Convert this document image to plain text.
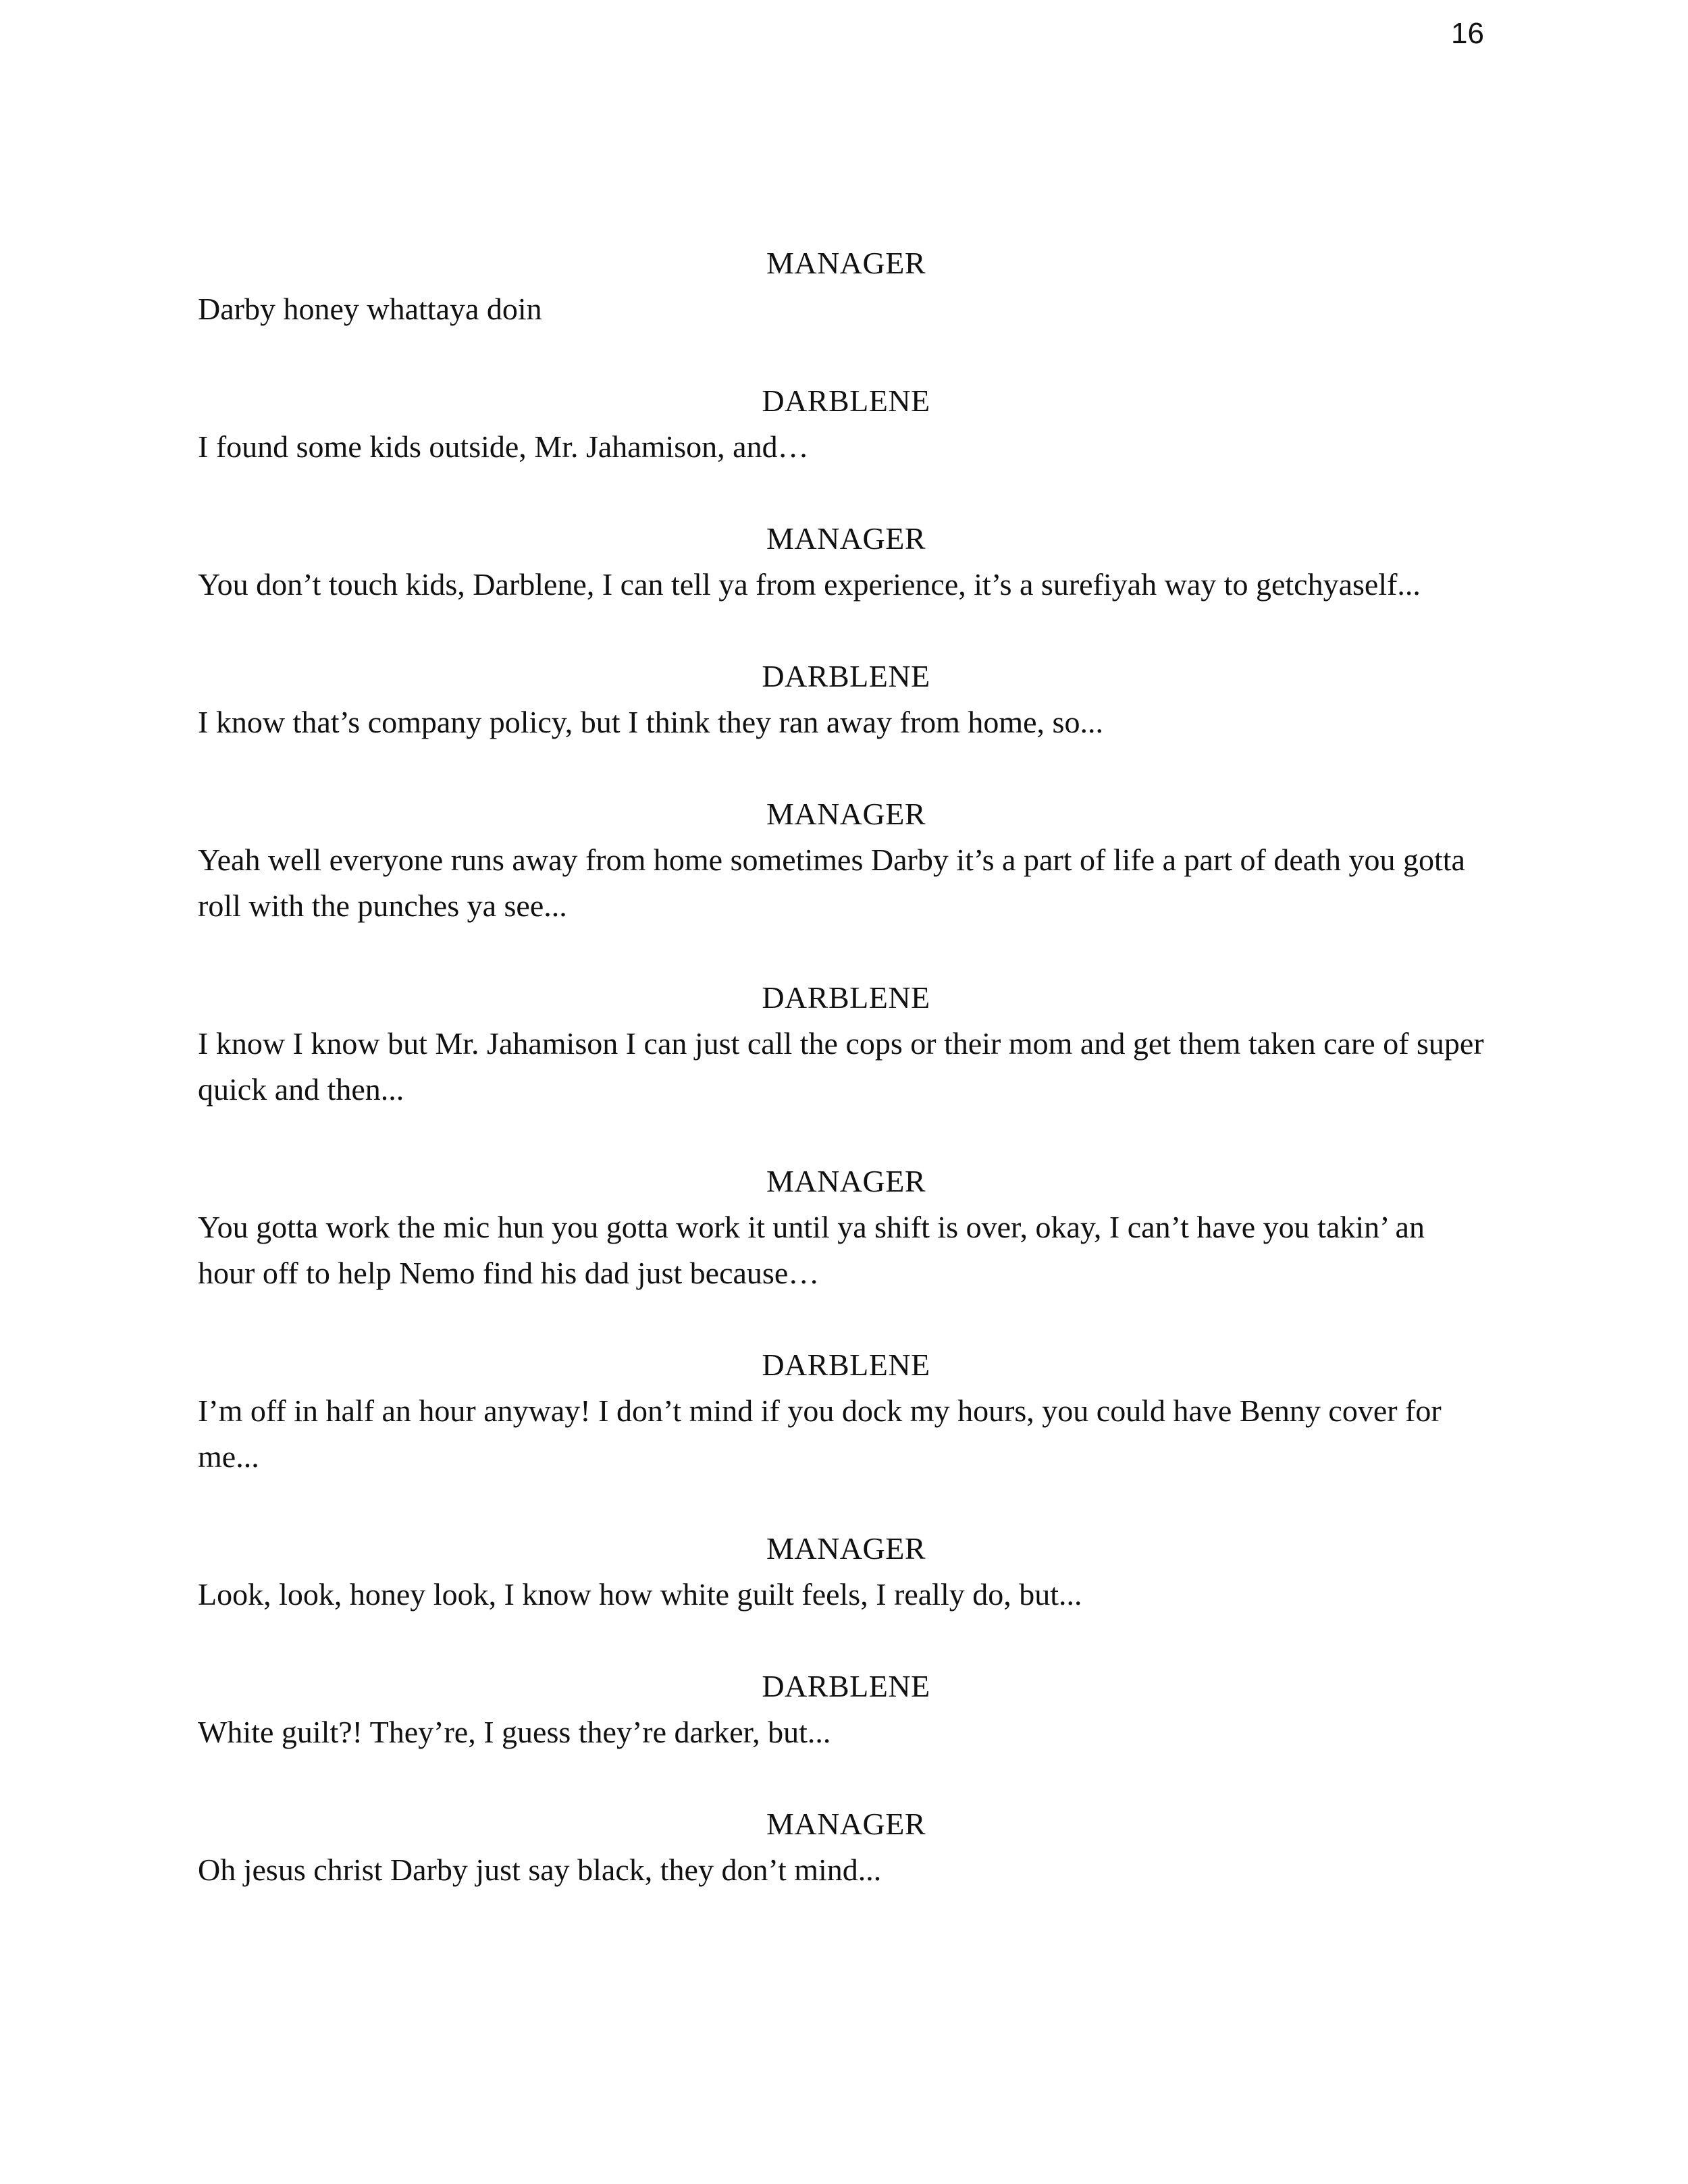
16
MANAGER
Darby honey whattaya doin
DARBLENE
I found some kids outside, Mr. Jahamison, and…
MANAGER
You don’t touch kids, Darblene, I can tell ya from experience, it’s a surefiyah way to getchyaself...
DARBLENE
I know that’s company policy, but I think they ran away from home, so...
MANAGER
Yeah well everyone runs away from home sometimes Darby it’s a part of life a part of death you gotta roll with the punches ya see...
DARBLENE
I know I know but Mr. Jahamison I can just call the cops or their mom and get them taken care of super quick and then...
MANAGER
You gotta work the mic hun you gotta work it until ya shift is over, okay, I can’t have you takin’ an hour off to help Nemo find his dad just because…
DARBLENE
I’m off in half an hour anyway! I don’t mind if you dock my hours, you could have Benny cover for me...
MANAGER
Look, look, honey look, I know how white guilt feels, I really do, but...
DARBLENE
White guilt?! They’re, I guess they’re darker, but...
MANAGER
Oh jesus christ Darby just say black, they don’t mind...
